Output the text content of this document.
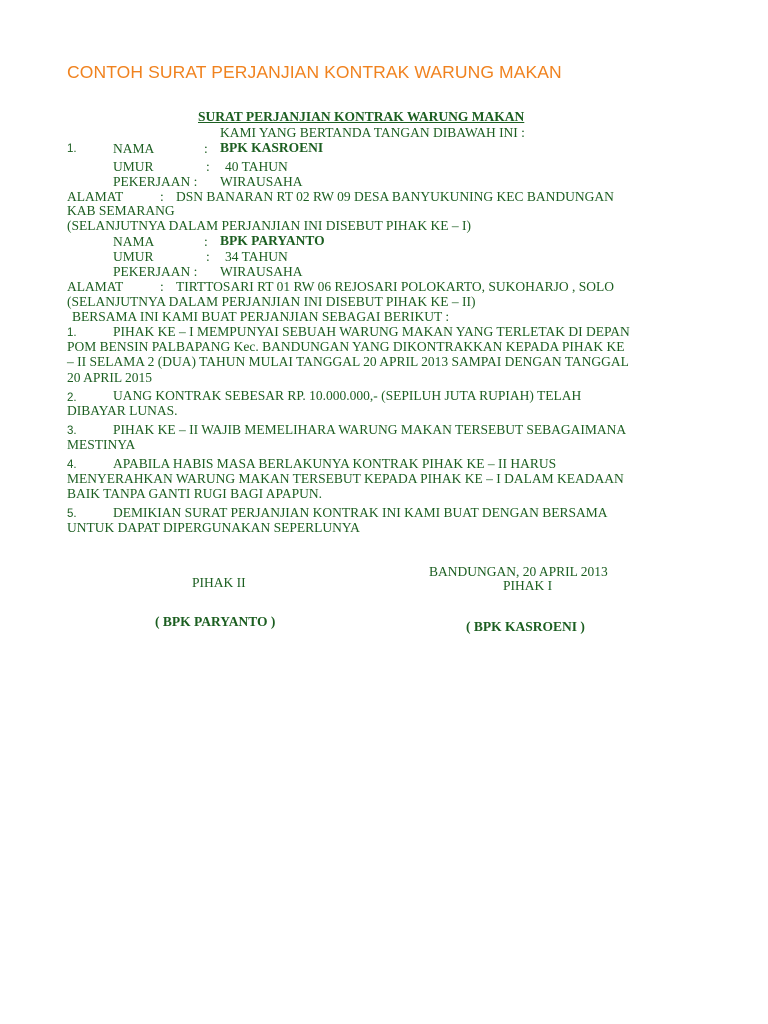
CONTOH SURAT PERJANJIAN KONTRAK WARUNG MAKAN
SURAT PERJANJIAN KONTRAK WARUNG MAKAN
KAMI YANG BERTANDA TANGAN DIBAWAH INI :
1.	NAMA	: BPK KASROENI
UMUR	: 40 TAHUN
PEKERJAAN : WIRAUSAHA
ALAMAT	: DSN BANARAN RT 02 RW 09 DESA BANYUKUNING KEC BANDUNGAN
KAB SEMARANG
(SELANJUTNYA DALAM PERJANJIAN INI DISEBUT PIHAK KE – I)
NAMA	: BPK PARYANTO
UMUR	: 34 TAHUN
PEKERJAAN : WIRAUSAHA
ALAMAT	: TIRTTOSARI RT 01 RW 06 REJOSARI POLOKARTO, SUKOHARJO , SOLO
(SELANJUTNYA DALAM PERJANJIAN INI DISEBUT PIHAK KE – II)
BERSAMA INI KAMI BUAT PERJANJIAN SEBAGAI BERIKUT :
1.	PIHAK KE – I MEMPUNYAI SEBUAH WARUNG MAKAN YANG TERLETAK DI DEPAN
POM BENSIN PALBAPANG Kec. BANDUNGAN YANG DIKONTRAKKAN KEPADA PIHAK KE
– II SELAMA 2 (DUA) TAHUN MULAI TANGGAL 20 APRIL 2013 SAMPAI DENGAN TANGGAL
20 APRIL 2015
2.	UANG KONTRAK SEBESAR RP. 10.000.000,- (SEPILUH JUTA RUPIAH) TELAH
DIBAYAR LUNAS.
3.	PIHAK KE – II WAJIB MEMELIHARA WARUNG MAKAN TERSEBUT SEBAGAIMANA
MESTINYA
4.	APABILA HABIS MASA BERLAKUNYA KONTRAK PIHAK KE – II HARUS
MENYERAHKAN WARUNG MAKAN TERSEBUT KEPADA PIHAK KE – I DALAM KEADAAN
BAIK TANPA GANTI RUGI BAGI APAPUN.
5.	DEMIKIAN SURAT PERJANJIAN KONTRAK INI KAMI BUAT DENGAN BERSAMA
UNTUK DAPAT DIPERGUNAKAN SEPERLUNYA
BANDUNGAN, 20 APRIL 2013
PIHAK II	PIHAK I
( BPK PARYANTO )	( BPK KASROENI )
